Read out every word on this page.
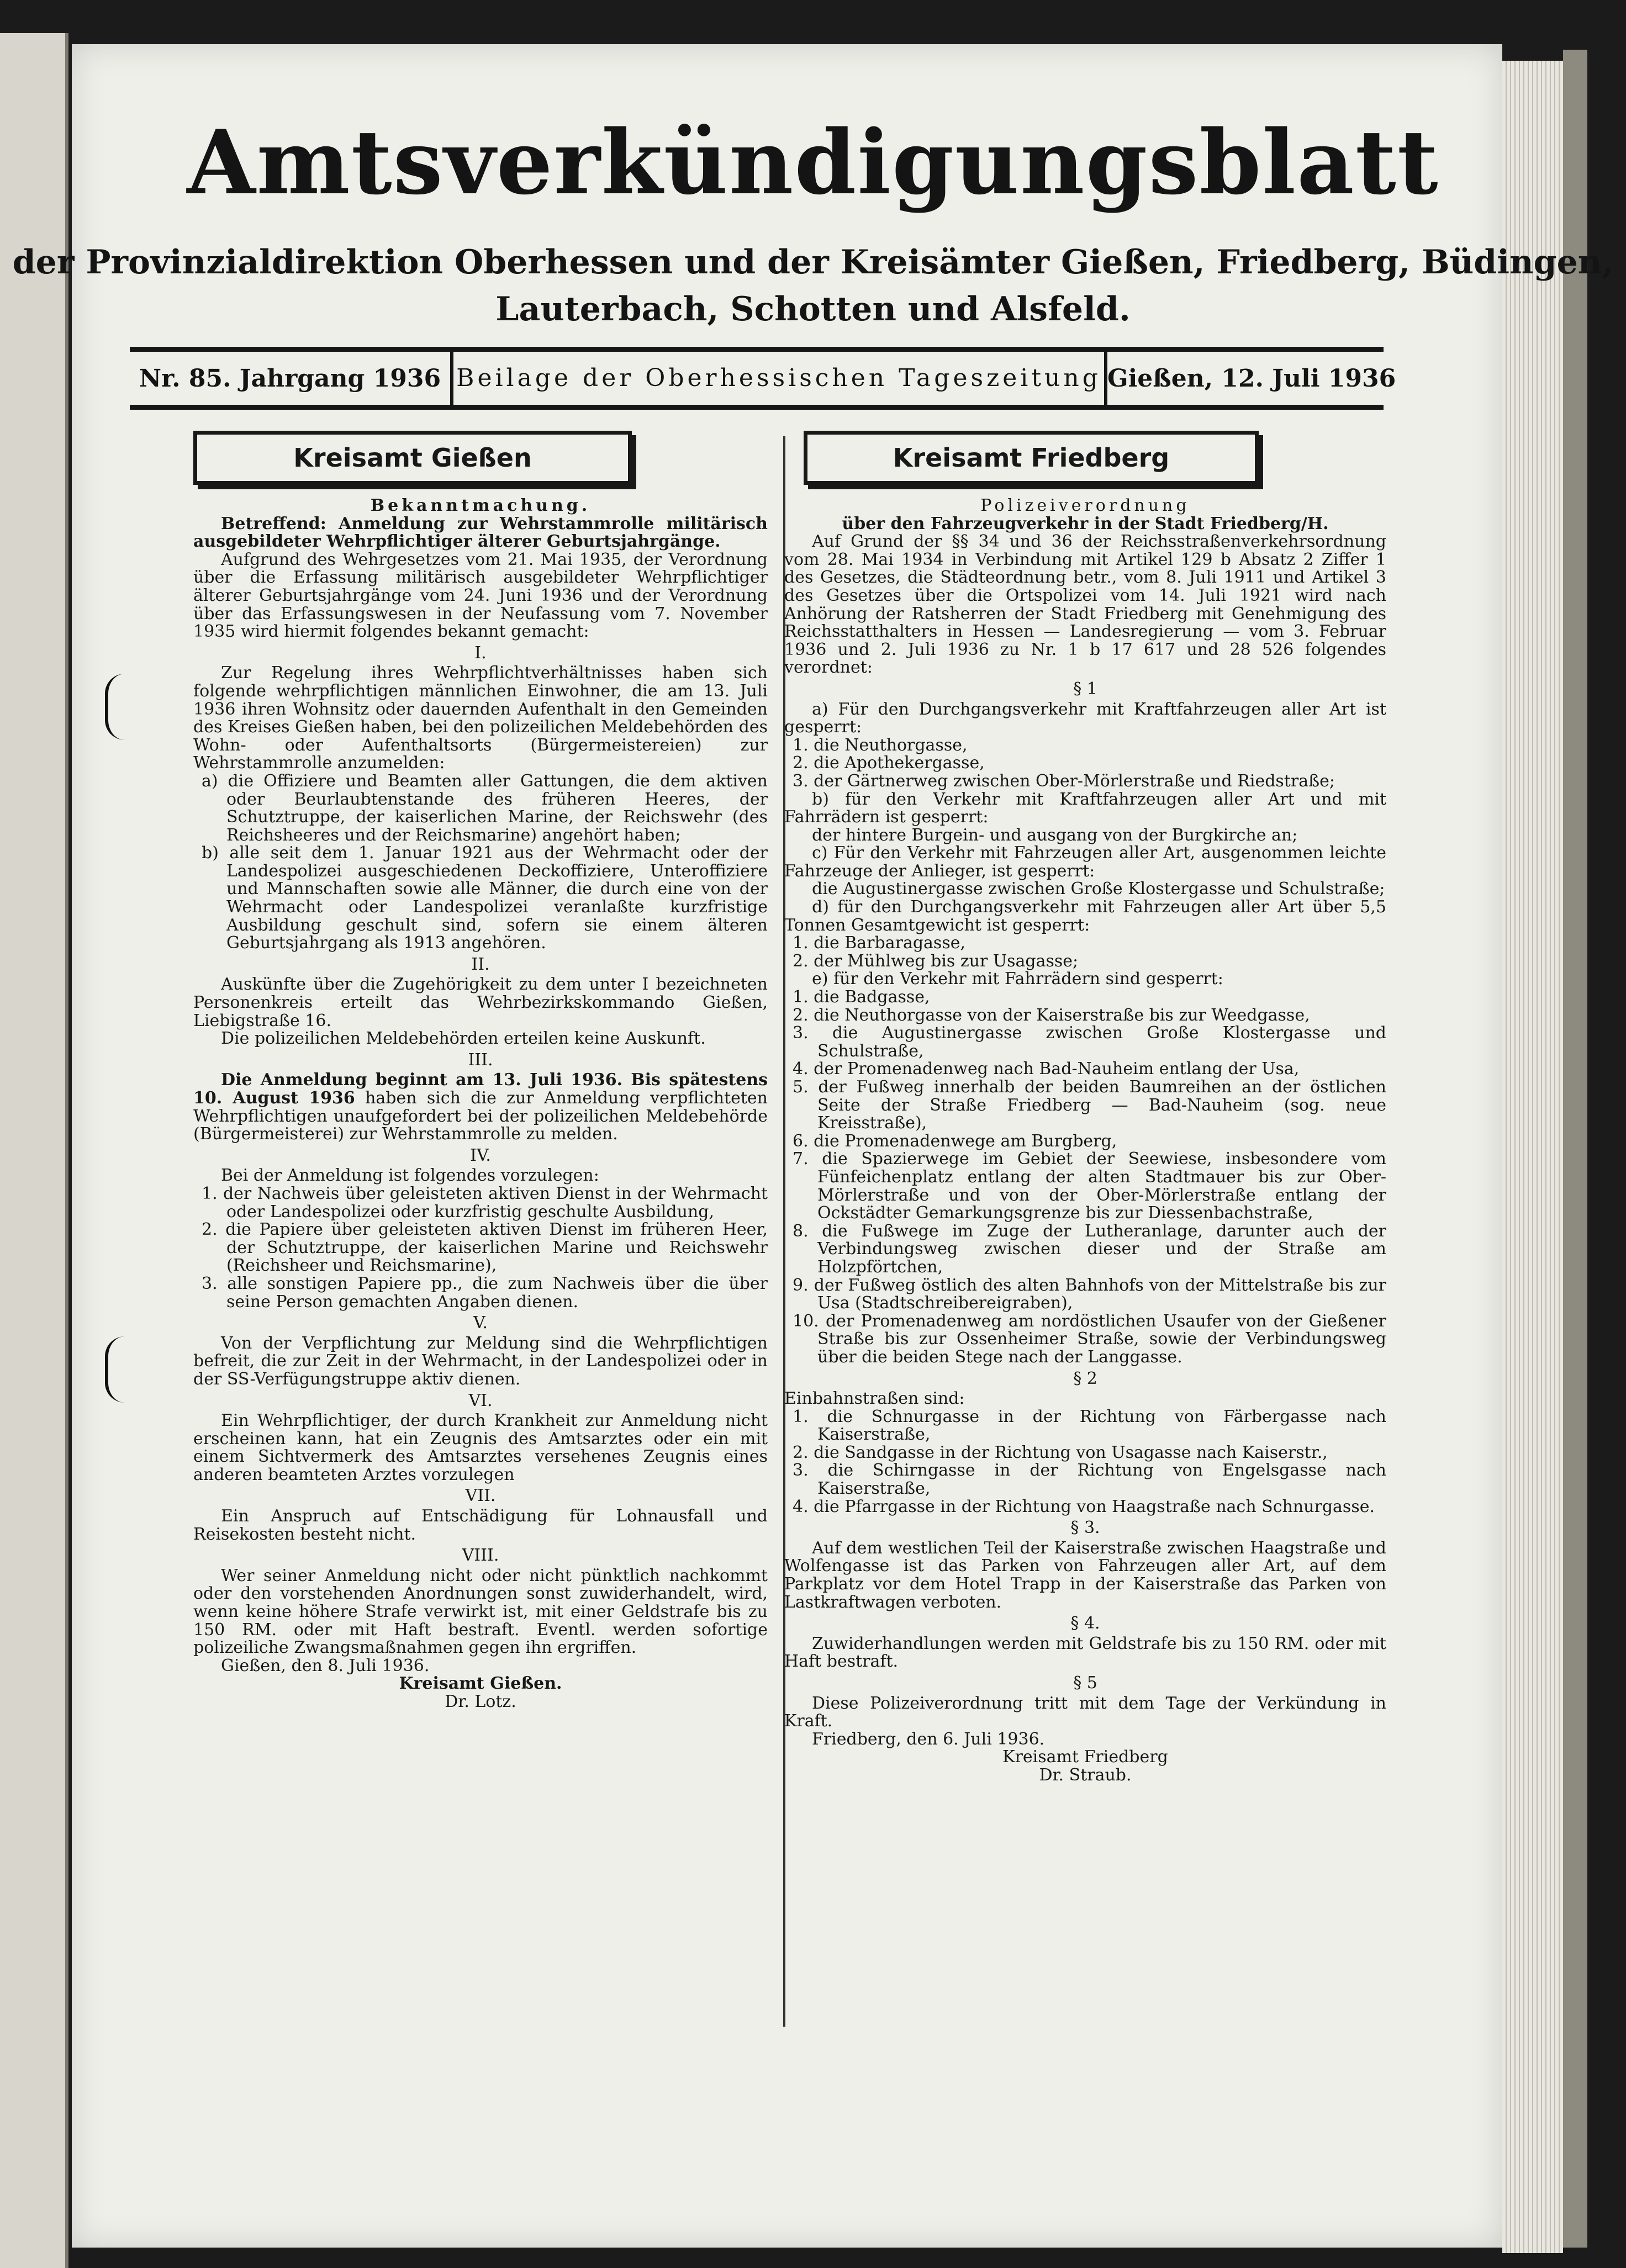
Amtsverkündigungsblatt
der Provinzialdirektion Oberhessen und der Kreisämter Gießen, Friedberg, Büdingen,
Lauterbach, Schotten und Alsfeld.
Nr. 85. Jahrgang 1936 Beilage der Oberhessischen Tageszeitung Gießen, 12. Juli 1936
Kreisamt Gießen

Bekanntmachung.

Betreffend: Anmeldung zur Wehrstammrolle militärisch ausgebildeter Wehrpflichtiger älterer Geburtsjahrgänge.

Aufgrund des Wehrgesetzes vom 21. Mai 1935, der Verordnung über die Erfassung militärisch ausgebildeter Wehrpflichtiger älterer Geburtsjahrgänge vom 24. Juni 1936 und der Verordnung über das Erfassungswesen in der Neufassung vom 7. November 1935 wird hiermit folgendes bekannt gemacht:

I.

Zur Regelung ihres Wehrpflichtverhältnisses haben sich folgende wehrpflichtigen männlichen Einwohner, die am 13. Juli 1936 ihren Wohnsitz oder dauernden Aufenthalt in den Gemeinden des Kreises Gießen haben, bei den polizeilichen Meldebehörden des Wohn- oder Aufenthaltsorts (Bürgermeistereien) zur Wehrstammrolle anzumelden:

a) die Offiziere und Beamten aller Gattungen, die dem aktiven oder Beurlaubtenstande des früheren Heeres, der Schutztruppe, der kaiserlichen Marine, der Reichswehr (des Reichsheeres und der Reichsmarine) angehört haben;

b) alle seit dem 1. Januar 1921 aus der Wehrmacht oder der Landespolizei ausgeschiedenen Deckoffiziere, Unteroffiziere und Mannschaften sowie alle Männer, die durch eine von der Wehrmacht oder Landespolizei veranlaßte kurzfristige Ausbildung geschult sind, sofern sie einem älteren Geburtsjahrgang als 1913 angehören.

II.

Auskünfte über die Zugehörigkeit zu dem unter I bezeichneten Personenkreis erteilt das Wehrbezirkskommando Gießen, Liebigstraße 16.

Die polizeilichen Meldebehörden erteilen keine Auskunft.

III.

Die Anmeldung beginnt am 13. Juli 1936. Bis spätestens 10. August 1936 haben sich die zur Anmeldung verpflichteten Wehrpflichtigen unaufgefordert bei der polizeilichen Meldebehörde (Bürgermeisterei) zur Wehrstammrolle zu melden.

IV.

Bei der Anmeldung ist folgendes vorzulegen:

1. der Nachweis über geleisteten aktiven Dienst in der Wehrmacht oder Landespolizei oder kurzfristig geschulte Ausbildung,

2. die Papiere über geleisteten aktiven Dienst im früheren Heer, der Schutztruppe, der kaiserlichen Marine und Reichswehr (Reichsheer und Reichsmarine),

3. alle sonstigen Papiere pp., die zum Nachweis über die über seine Person gemachten Angaben dienen.

V.

Von der Verpflichtung zur Meldung sind die Wehrpflichtigen befreit, die zur Zeit in der Wehrmacht, in der Landespolizei oder in der SS-Verfügungstruppe aktiv dienen.

VI.

Ein Wehrpflichtiger, der durch Krankheit zur Anmeldung nicht erscheinen kann, hat ein Zeugnis des Amtsarztes oder ein mit einem Sichtvermerk des Amtsarztes versehenes Zeugnis eines anderen beamteten Arztes vorzulegen

VII.

Ein Anspruch auf Entschädigung für Lohnausfall und Reisekosten besteht nicht.

VIII.

Wer seiner Anmeldung nicht oder nicht pünktlich nachkommt oder den vorstehenden Anordnungen sonst zuwiderhandelt, wird, wenn keine höhere Strafe verwirkt ist, mit einer Geldstrafe bis zu 150 RM. oder mit Haft bestraft. Eventl. werden sofortige polizeiliche Zwangsmaßnahmen gegen ihn ergriffen.

Gießen, den 8. Juli 1936.

Kreisamt Gießen.

Dr. Lotz.

Kreisamt Friedberg

Polizeiverordnung

über den Fahrzeugverkehr in der Stadt Friedberg/H.

Auf Grund der §§ 34 und 36 der Reichsstraßenverkehrsordnung vom 28. Mai 1934 in Verbindung mit Artikel 129 b Absatz 2 Ziffer 1 des Gesetzes, die Städteordnung betr., vom 8. Juli 1911 und Artikel 3 des Gesetzes über die Ortspolizei vom 14. Juli 1921 wird nach Anhörung der Ratsherren der Stadt Friedberg mit Genehmigung des Reichsstatthalters in Hessen — Landesregierung — vom 3. Februar 1936 und 2. Juli 1936 zu Nr. 1 b 17 617 und 28 526 folgendes verordnet:

§ 1

a) Für den Durchgangsverkehr mit Kraftfahrzeugen aller Art ist gesperrt:

1. die Neuthorgasse,

2. die Apothekergasse,

3. der Gärtnerweg zwischen Ober-Mörlerstraße und Riedstraße;

b) für den Verkehr mit Kraftfahrzeugen aller Art und mit Fahrrädern ist gesperrt:

der hintere Burgein- und ausgang von der Burgkirche an;

c) Für den Verkehr mit Fahrzeugen aller Art, ausgenommen leichte Fahrzeuge der Anlieger, ist gesperrt:

die Augustinergasse zwischen Große Klostergasse und Schulstraße;

d) für den Durchgangsverkehr mit Fahrzeugen aller Art über 5,5 Tonnen Gesamtgewicht ist gesperrt:

1. die Barbaragasse,

2. der Mühlweg bis zur Usagasse;

e) für den Verkehr mit Fahrrädern sind gesperrt:

1. die Badgasse,

2. die Neuthorgasse von der Kaiserstraße bis zur Weedgasse,

3. die Augustinergasse zwischen Große Klostergasse und Schulstraße,

4. der Promenadenweg nach Bad-Nauheim entlang der Usa,

5. der Fußweg innerhalb der beiden Baumreihen an der östlichen Seite der Straße Friedberg — Bad-Nauheim (sog. neue Kreisstraße),

6. die Promenadenwege am Burgberg,

7. die Spazierwege im Gebiet der Seewiese, insbesondere vom Fünfeichenplatz entlang der alten Stadtmauer bis zur Ober-Mörlerstraße und von der Ober-Mörlerstraße entlang der Ockstädter Gemarkungsgrenze bis zur Diessenbachstraße,

8. die Fußwege im Zuge der Lutheranlage, darunter auch der Verbindungsweg zwischen dieser und der Straße am Holzpförtchen,

9. der Fußweg östlich des alten Bahnhofs von der Mittelstraße bis zur Usa (Stadtschreibereigraben),

10. der Promenadenweg am nordöstlichen Usaufer von der Gießener Straße bis zur Ossenheimer Straße, sowie der Verbindungsweg über die beiden Stege nach der Langgasse.

§ 2

Einbahnstraßen sind:

1. die Schnurgasse in der Richtung von Färbergasse nach Kaiserstraße,

2. die Sandgasse in der Richtung von Usagasse nach Kaiserstr.,

3. die Schirngasse in der Richtung von Engelsgasse nach Kaiserstraße,

4. die Pfarrgasse in der Richtung von Haagstraße nach Schnurgasse.

§ 3.

Auf dem westlichen Teil der Kaiserstraße zwischen Haagstraße und Wolfengasse ist das Parken von Fahrzeugen aller Art, auf dem Parkplatz vor dem Hotel Trapp in der Kaiserstraße das Parken von Lastkraftwagen verboten.

§ 4.

Zuwiderhandlungen werden mit Geldstrafe bis zu 150 RM. oder mit Haft bestraft.

§ 5

Diese Polizeiverordnung tritt mit dem Tage der Verkündung in Kraft.

Friedberg, den 6. Juli 1936.

Kreisamt Friedberg

Dr. Straub.
